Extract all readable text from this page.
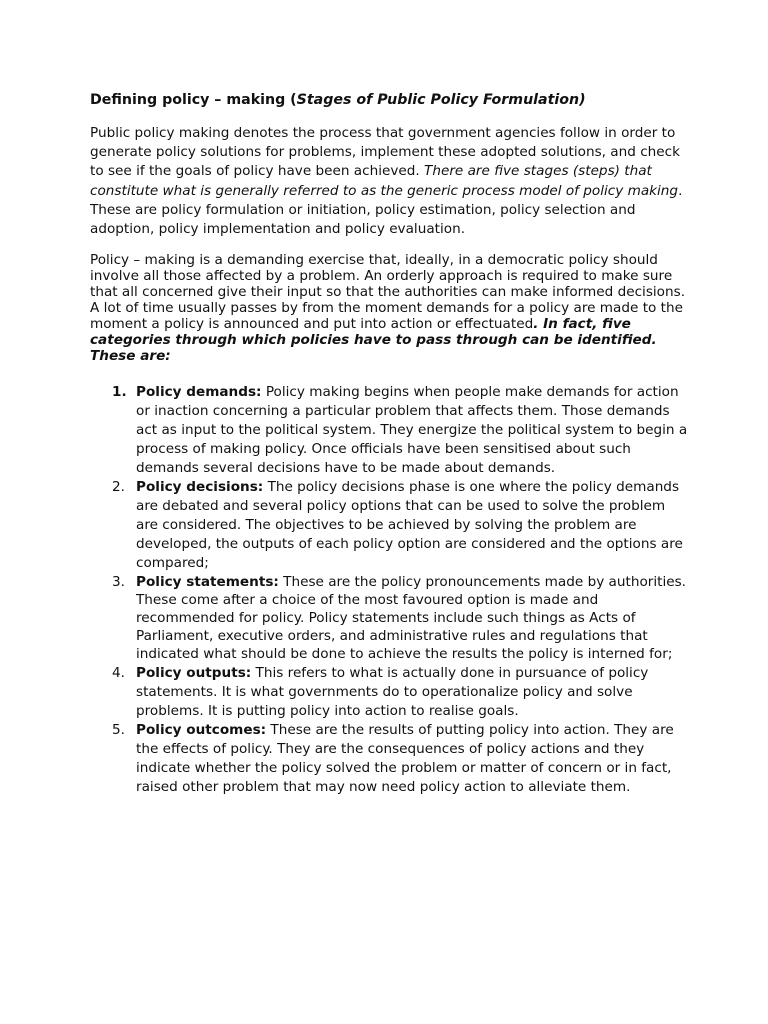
Defining policy – making (Stages of Public Policy Formulation)

Public policy making denotes the process that government agencies follow in order to generate policy solutions for problems, implement these adopted solutions, and check to see if the goals of policy have been achieved. There are five stages (steps) that constitute what is generally referred to as the generic process model of policy making. These are policy formulation or initiation, policy estimation, policy selection and adoption, policy implementation and policy evaluation.

Policy – making is a demanding exercise that, ideally, in a democratic policy should involve all those affected by a problem. An orderly approach is required to make sure that all concerned give their input so that the authorities can make informed decisions. A lot of time usually passes by from the moment demands for a policy are made to the moment a policy is announced and put into action or effectuated. In fact, five categories through which policies have to pass through can be identified. These are:

1. Policy demands: Policy making begins when people make demands for action or inaction concerning a particular problem that affects them. Those demands act as input to the political system. They energize the political system to begin a process of making policy. Once officials have been sensitised about such demands several decisions have to be made about demands.
2. Policy decisions: The policy decisions phase is one where the policy demands are debated and several policy options that can be used to solve the problem are considered. The objectives to be achieved by solving the problem are developed, the outputs of each policy option are considered and the options are compared;
3. Policy statements: These are the policy pronouncements made by authorities. These come after a choice of the most favoured option is made and recommended for policy. Policy statements include such things as Acts of Parliament, executive orders, and administrative rules and regulations that indicated what should be done to achieve the results the policy is interned for;
4. Policy outputs: This refers to what is actually done in pursuance of policy statements. It is what governments do to operationalize policy and solve problems. It is putting policy into action to realise goals.
5. Policy outcomes: These are the results of putting policy into action. They are the effects of policy. They are the consequences of policy actions and they indicate whether the policy solved the problem or matter of concern or in fact, raised other problem that may now need policy action to alleviate them.
